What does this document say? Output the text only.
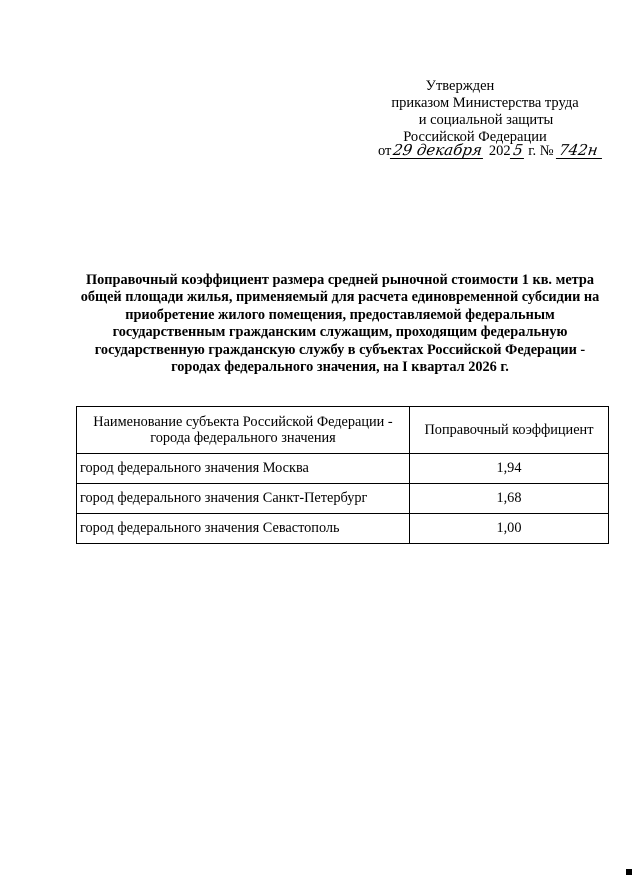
Утвержден
приказом Министерства труда
и социальной защиты
Российской Федерации
от29 декабря 2025 г. № 742н
Поправочный коэффициент размера средней рыночной стоимости 1 кв. метра
общей площади жилья, применяемый для расчета единовременной субсидии на
приобретение жилого помещения, предоставляемой федеральным
государственным гражданским служащим, проходящим федеральную
государственную гражданскую службу в субъектах Российской Федерации -
городах федерального значения, на I квартал 2026 г.
Наименование субъекта Российской Федерации - города федерального значения	Поправочный коэффициент
город федерального значения Москва	1,94
город федерального значения Санкт-Петербург	1,68
город федерального значения Севастополь	1,00
